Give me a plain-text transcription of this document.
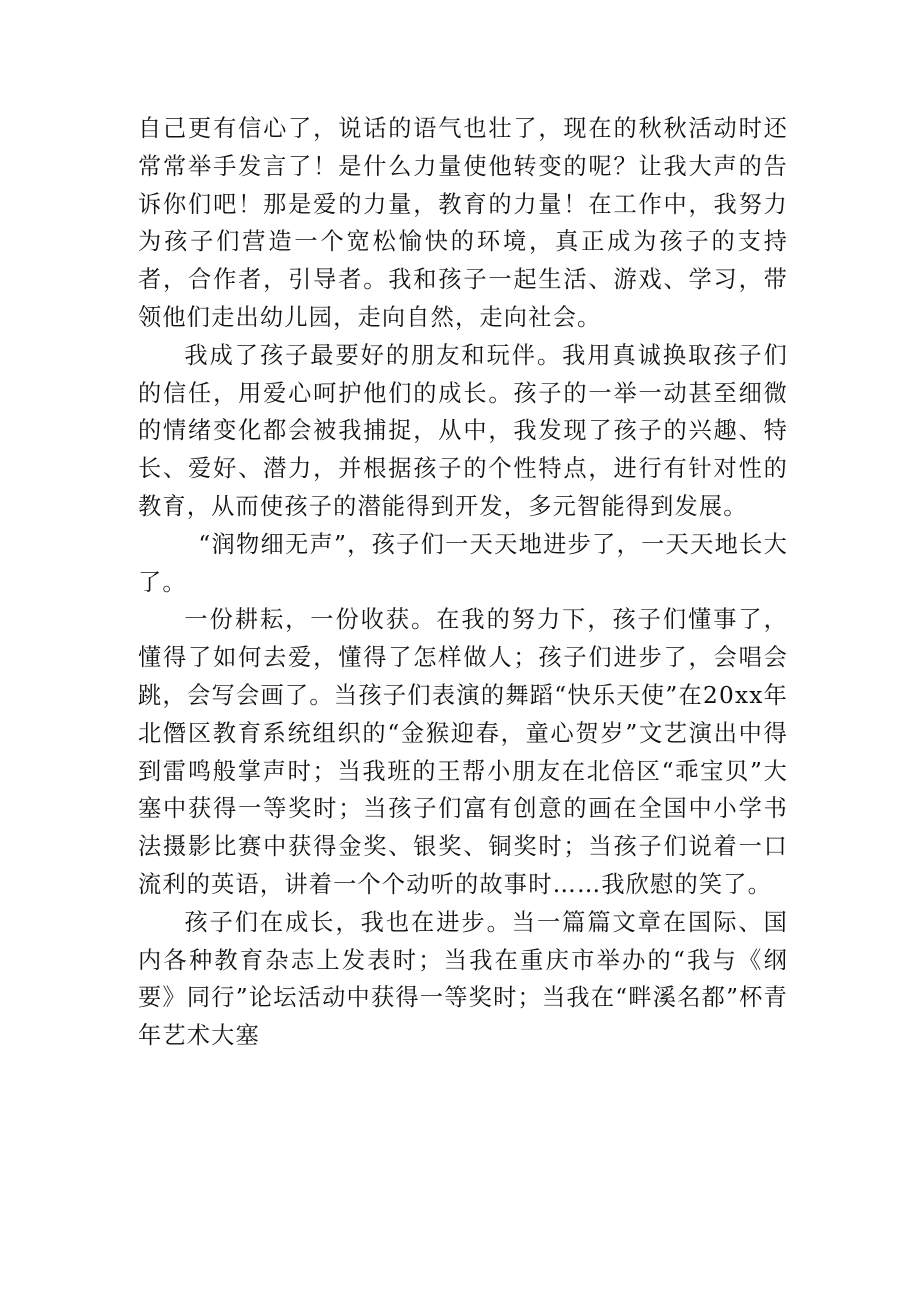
自己更有信心了，说话的语气也壮了，现在的秋秋活动时还常常举手发言了！是什么力量使他转变的呢？让我大声的告诉你们吧！那是爱的力量，教育的力量！在工作中，我努力为孩子们营造一个宽松愉快的环境，真正成为孩子的支持者，合作者，引导者。我和孩子一起生活、游戏、学习，带领他们走出幼儿园，走向自然，走向社会。

我成了孩子最要好的朋友和玩伴。我用真诚换取孩子们的信任，用爱心呵护他们的成长。孩子的一举一动甚至细微的情绪变化都会被我捕捉，从中，我发现了孩子的兴趣、特长、爱好、潜力，并根据孩子的个性特点，进行有针对性的教育，从而使孩子的潜能得到开发，多元智能得到发展。

“润物细无声”，孩子们一天天地进步了，一天天地长大了。

一份耕耘，一份收获。在我的努力下，孩子们懂事了，懂得了如何去爱，懂得了怎样做人；孩子们进步了，会唱会跳，会写会画了。当孩子们表演的舞蹈“快乐天使”在20xx年北僭区教育系统组织的“金猴迎春，童心贺岁”文艺演出中得到雷鸣般掌声时；当我班的王帮小朋友在北倍区“乖宝贝”大塞中获得一等奖时；当孩子们富有创意的画在全国中小学书法摄影比赛中获得金奖、银奖、铜奖时；当孩子们说着一口流利的英语，讲着一个个动听的故事时……我欣慰的笑了。

孩子们在成长，我也在进步。当一篇篇文章在国际、国内各种教育杂志上发表时；当我在重庆市举办的“我与《纲要》同行”论坛活动中获得一等奖时；当我在“畔溪名都”杯青年艺术大塞
